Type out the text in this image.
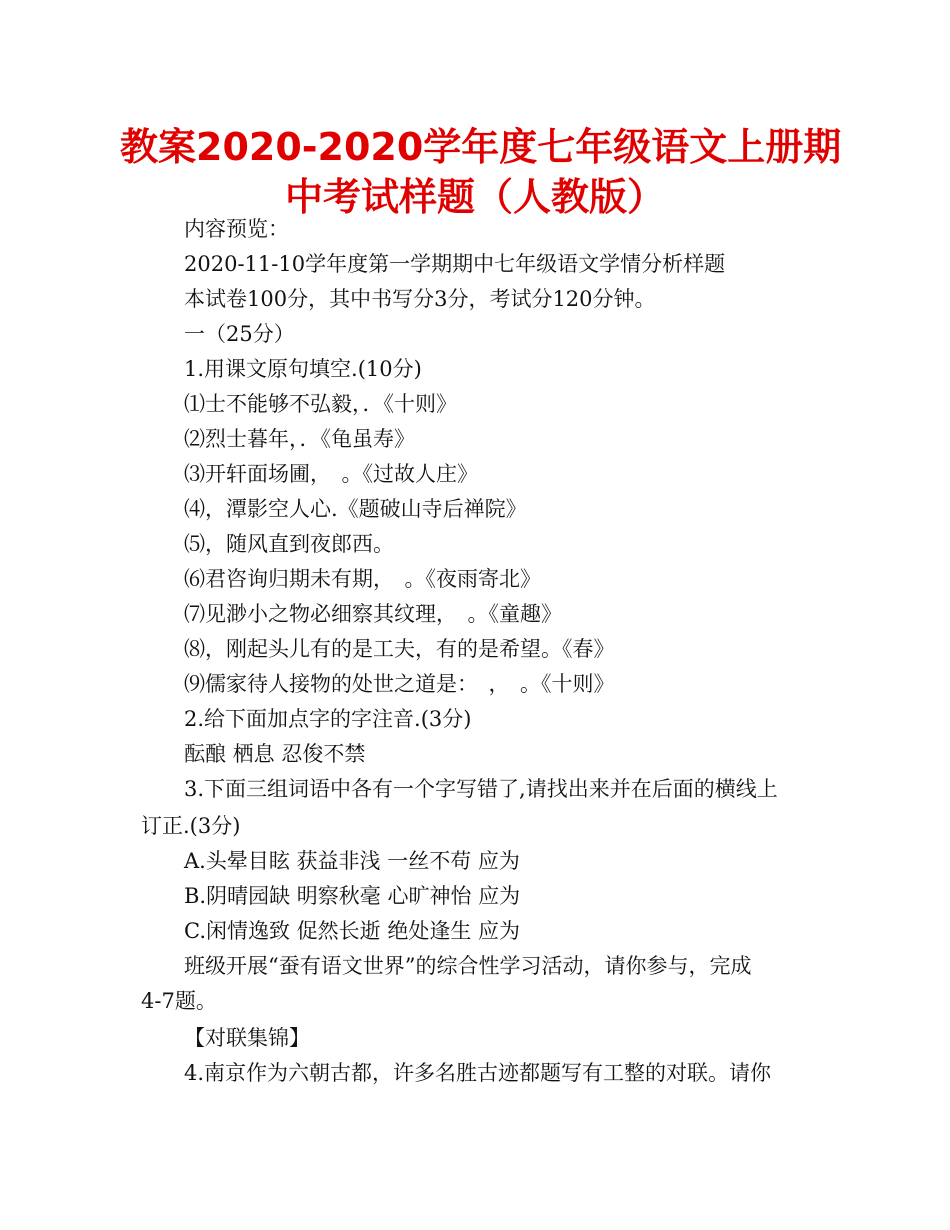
教案2020-2020学年度七年级语文上册期
中考试样题（人教版）
内容预览：
2020-11-10学年度第一学期期中七年级语文学情分析样题
本试卷100分，其中书写分3分，考试分120分钟。
一（25分）
1.用课文原句填空.(10分)
⑴士不能够不弘毅，．《十则》
⑵烈士暮年，．《龟虽寿》
⑶开轩面场圃，　。《过故人庄》
⑷，潭影空人心.《题破山寺后禅院》
⑸，随风直到夜郎西。
⑹君咨询归期未有期，　。《夜雨寄北》
⑺见渺小之物必细察其纹理，　。《童趣》
⑻，刚起头儿有的是工夫，有的是希望。《春》
⑼儒家待人接物的处世之道是：　，　。《十则》
2.给下面加点字的字注音.(3分)
酝酿 栖息 忍俊不禁
3.下面三组词语中各有一个字写错了,请找出来并在后面的横线上
订正.(3分)
A.头晕目眩 获益非浅 一丝不苟 应为
B.阴晴园缺 明察秋毫 心旷神怡 应为
C.闲情逸致 促然长逝 绝处逢生 应为
班级开展“蚕有语文世界”的综合性学习活动，请你参与，完成
4-7题。
【对联集锦】
4.南京作为六朝古都，许多名胜古迹都题写有工整的对联。请你
